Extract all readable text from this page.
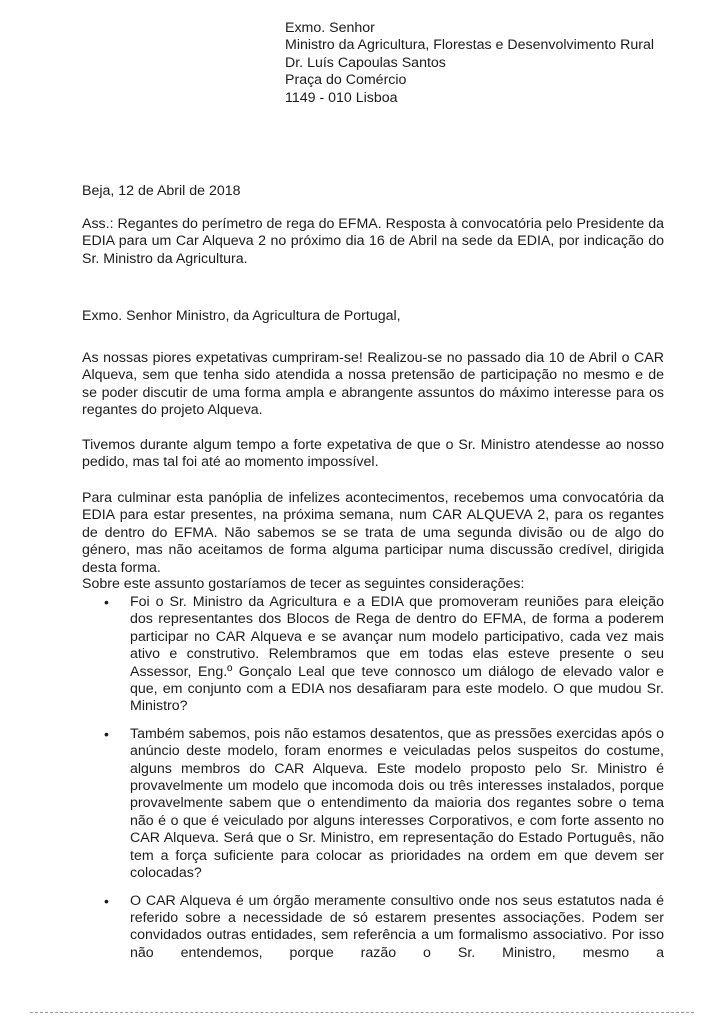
Exmo. Senhor
Ministro da Agricultura, Florestas e Desenvolvimento Rural
Dr. Luís Capoulas Santos
Praça do Comércio
1149 - 010 Lisboa
Beja, 12 de Abril de 2018
Ass.: Regantes do perímetro de rega do EFMA. Resposta à convocatória pelo Presidente da EDIA para um Car Alqueva 2 no próximo dia 16 de Abril na sede da EDIA, por indicação do Sr. Ministro da Agricultura.
Exmo. Senhor Ministro, da Agricultura de Portugal,
As nossas piores expetativas cumpriram-se! Realizou-se no passado dia 10 de Abril o CAR Alqueva, sem que tenha sido atendida a nossa pretensão de participação no mesmo e de se poder discutir de uma forma ampla e abrangente assuntos do máximo interesse para os regantes do projeto Alqueva.
Tivemos durante algum tempo a forte expetativa de que o Sr. Ministro atendesse ao nosso pedido, mas tal foi até ao momento impossível.
Para culminar esta panóplia de infelizes acontecimentos, recebemos uma convocatória da EDIA para estar presentes, na próxima semana, num CAR ALQUEVA 2, para os regantes de dentro do EFMA. Não sabemos se se trata de uma segunda divisão ou de algo do género, mas não aceitamos de forma alguma participar numa discussão credível, dirigida desta forma.
Sobre este assunto gostaríamos de tecer as seguintes considerações:
• Foi o Sr. Ministro da Agricultura e a EDIA que promoveram reuniões para eleição dos representantes dos Blocos de Rega de dentro do EFMA, de forma a poderem participar no CAR Alqueva e se avançar num modelo participativo, cada vez mais ativo e construtivo. Relembramos que em todas elas esteve presente o seu Assessor, Eng.º Gonçalo Leal que teve connosco um diálogo de elevado valor e que, em conjunto com a EDIA nos desafiaram para este modelo. O que mudou Sr. Ministro?
• Também sabemos, pois não estamos desatentos, que as pressões exercidas após o anúncio deste modelo, foram enormes e veiculadas pelos suspeitos do costume, alguns membros do CAR Alqueva. Este modelo proposto pelo Sr. Ministro é provavelmente um modelo que incomoda dois ou três interesses instalados, porque provavelmente sabem que o entendimento da maioria dos regantes sobre o tema não é o que é veiculado por alguns interesses Corporativos, e com forte assento no CAR Alqueva. Será que o Sr. Ministro, em representação do Estado Português, não tem a força suficiente para colocar as prioridades na ordem em que devem ser colocadas?
• O CAR Alqueva é um órgão meramente consultivo onde nos seus estatutos nada é referido sobre a necessidade de só estarem presentes associações. Podem ser convidados outras entidades, sem referência a um formalismo associativo. Por isso não entendemos, porque razão o Sr. Ministro, mesmo a
